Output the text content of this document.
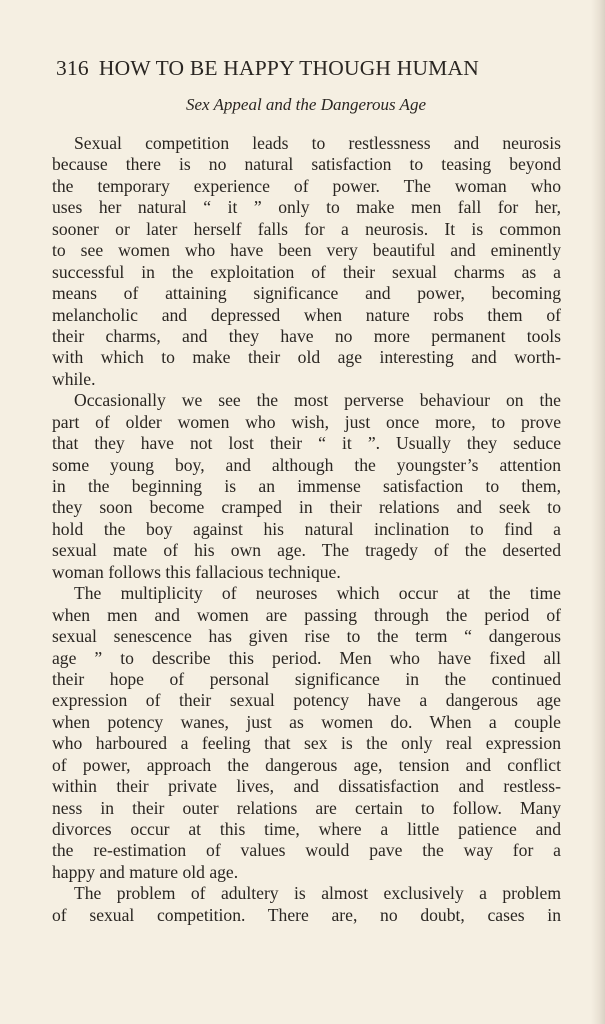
316 HOW TO BE HAPPY THOUGH HUMAN
Sex Appeal and the Dangerous Age
Sexual competition leads to restlessness and neurosis
because there is no natural satisfaction to teasing beyond
the temporary experience of power. The woman who
uses her natural “ it ” only to make men fall for her,
sooner or later herself falls for a neurosis. It is common
to see women who have been very beautiful and eminently
successful in the exploitation of their sexual charms as a
means of attaining significance and power, becoming
melancholic and depressed when nature robs them of
their charms, and they have no more permanent tools
with which to make their old age interesting and worth-
while.
Occasionally we see the most perverse behaviour on the
part of older women who wish, just once more, to prove
that they have not lost their “ it ”. Usually they seduce
some young boy, and although the youngster’s attention
in the beginning is an immense satisfaction to them,
they soon become cramped in their relations and seek to
hold the boy against his natural inclination to find a
sexual mate of his own age. The tragedy of the deserted
woman follows this fallacious technique.
The multiplicity of neuroses which occur at the time
when men and women are passing through the period of
sexual senescence has given rise to the term “ dangerous
age ” to describe this period. Men who have fixed all
their hope of personal significance in the continued
expression of their sexual potency have a dangerous age
when potency wanes, just as women do. When a couple
who harboured a feeling that sex is the only real expression
of power, approach the dangerous age, tension and conflict
within their private lives, and dissatisfaction and restless-
ness in their outer relations are certain to follow. Many
divorces occur at this time, where a little patience and
the re-estimation of values would pave the way for a
happy and mature old age.
The problem of adultery is almost exclusively a problem
of sexual competition. There are, no doubt, cases in
